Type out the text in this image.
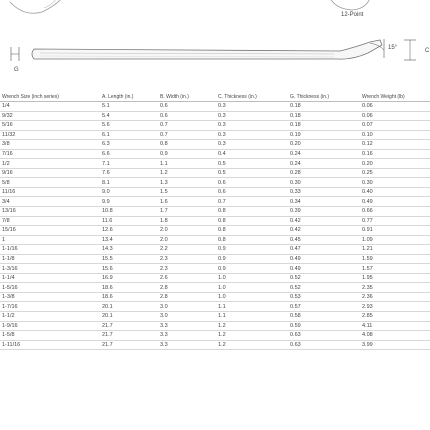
12-Point
G
15°	C
Wrench Size (inch series)	A. Length (in.)	B. Width (in.)	C. Thickness (in.)	G. Thickness (in.)	Wrench Weight (lb)
1/4	5.1	0.6	0.3	0.18	0.06
9/32	5.4	0.6	0.3	0.18	0.06
5/16	5.6	0.7	0.3	0.18	0.07
11/32	6.1	0.7	0.3	0.19	0.10
3/8	6.3	0.8	0.3	0.20	0.12
7/16	6.6	0.9	0.4	0.24	0.16
1/2	7.1	1.1	0.5	0.24	0.20
9/16	7.6	1.2	0.5	0.28	0.25
5/8	8.1	1.3	0.6	0.30	0.30
11/16	9.0	1.5	0.6	0.33	0.40
3/4	9.9	1.6	0.7	0.34	0.49
13/16	10.8	1.7	0.8	0.39	0.66
7/8	11.6	1.8	0.8	0.42	0.77
15/16	12.6	2.0	0.8	0.42	0.91
1	13.4	2.0	0.8	0.45	1.09
1-1/16	14.3	2.2	0.9	0.47	1.21
1-1/8	15.5	2.3	0.9	0.49	1.59
1-3/16	15.6	2.3	0.9	0.49	1.57
1-1/4	16.9	2.6	1.0	0.52	1.95
1-5/16	18.6	2.8	1.0	0.52	2.35
1-3/8	18.6	2.8	1.0	0.53	2.36
1-7/16	20.1	3.0	1.1	0.57	2.93
1-1/2	20.1	3.0	1.1	0.58	2.85
1-9/16	21.7	3.3	1.2	0.59	4.11
1-5/8	21.7	3.3	1.2	0.63	4.08
1-11/16	21.7	3.3	1.2	0.63	3.99
